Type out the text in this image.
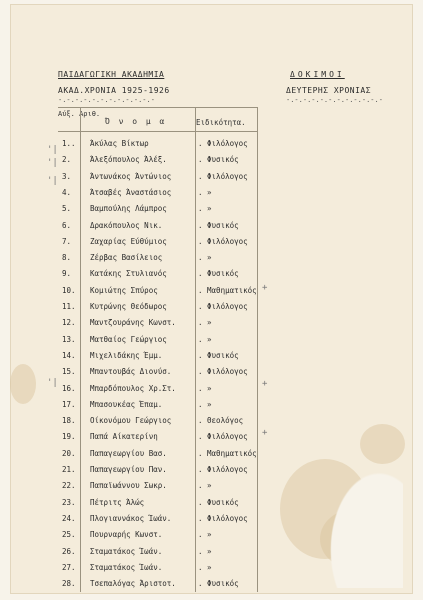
ΠΑΙΔΑΓΩΓΙΚΗ ΑΚΑΔΗΜΙΑ	ΔΟΚΙΜΟΙ
ΑΚΑΔ.ΧΡΟΝΙΑ 1925-1926	ΔΕΥΤΕΡΗΣ ΧΡΟΝΙΑΣ
-.-.-.-.-.-.-.-.-.-.-.-	-.-.-.-.-.-.-.-.-.-.-.-
Αύξ. Αριθ.
Ό ν ο μ α	Ειδικότητα.
1..	Άκύλας Βίκτωρ	. Φιλόλογος
2.	Άλεξόπουλος Άλέξ.	. Φυσικός
3.	Άντωνάκος Άντώνιος	. Φιλόλογος
4.	Άτσαβές Άναστάσιος	. »
5.	Βαμπούλης Λάμπρος	. »
6.	Δρακόπουλος Νικ.	. Φυσικός
7.	Ζαχαρίας Εύθύμιος	. Φιλόλογος
8.	Ζέρβας Βασίλειος	. »
9.	Κατάκης Στυλιανός	. Φυσικός
10.	Κομιώτης Σπύρος	. Μαθηματικός
11.	Κυτρώνης Θεόδωρος	. Φιλόλογος
12.	Μαντζουράνης Κωνστ.	. »
13.	Ματθαίος Γεώργιος	. »
14.	Μιχελιδάκης Έμμ.	. Φυσικός
15.	Μπαντουβάς Διονύσ.	. Φιλόλογος
16.	Μπαρδόπουλος Χρ.Στ.	. »
17.	Μπασουκέας Έπαμ.	. »
18.	Οίκονόμου Γεώργιος	. Θεολόγος
19.	Παπά Αίκατερίνη	. Φιλόλογος
20.	Παπαγεωργίου Βασ.	. Μαθηματικός
21.	Παπαγεωργίου Παν.	. Φιλόλογος
22.	Παπαϊωάννου Σωκρ.	. »
23.	Πέτριτς Άλώς	. Φυσικός
24.	Πλογιαννάκος Ίωάν.	. Φιλόλογος
25.	Πουρναρής Κωνστ.	. »
26.	Σταματάκος Ίωάν.	. »
27.	Σταματάκος Ίωάν.	. »
28.	Τσεπαλόγας Άριστοτ.	. Φυσικός
'|
'|
'|
+
+
+
'|
